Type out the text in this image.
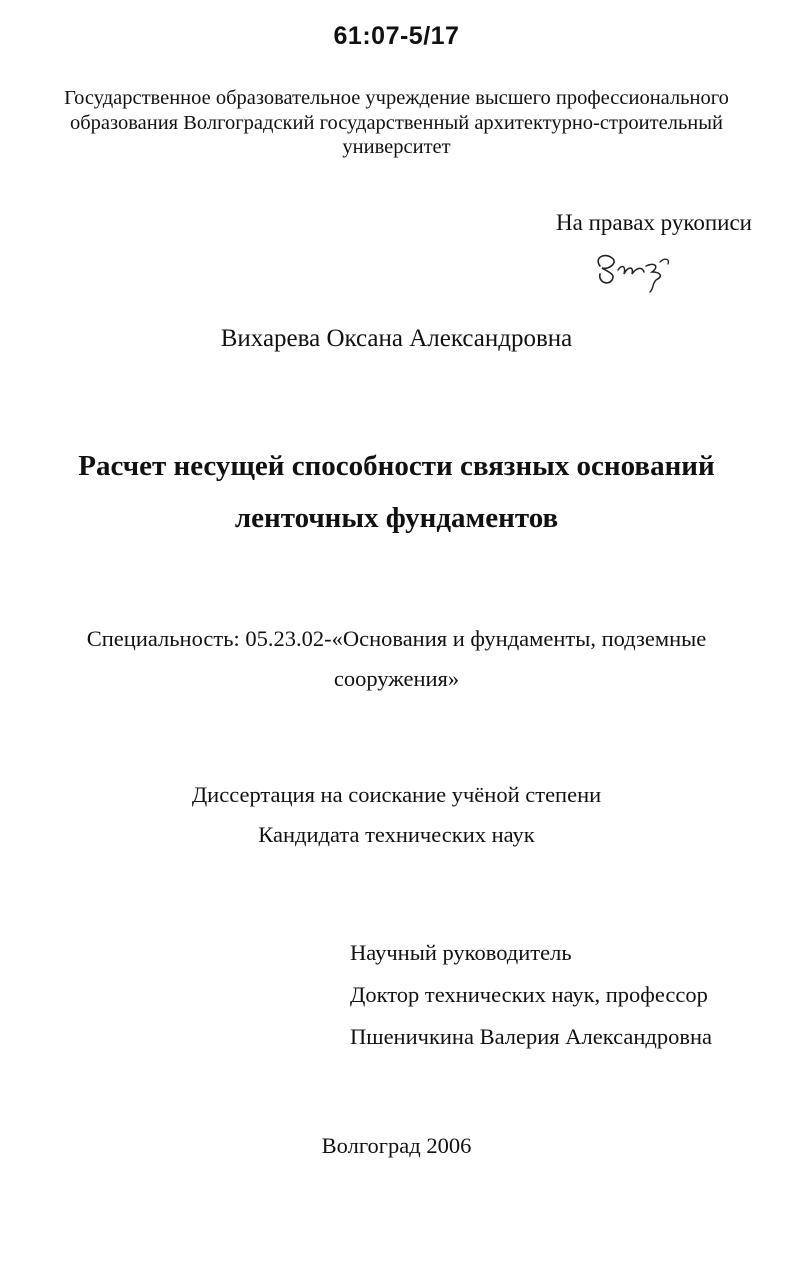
61:07-5/17
Государственное образовательное учреждение высшего профессионального
образования Волгоградский государственный архитектурно-строительный
университет
На правах рукописи
Вихарева Оксана Александровна
Расчет несущей способности связных оснований
ленточных фундаментов
Специальность: 05.23.02-«Основания и фундаменты, подземные
сооружения»
Диссертация на соискание учёной степени
Кандидата технических наук
Научный руководитель
Доктор технических наук, профессор
Пшеничкина Валерия Александровна
Волгоград 2006
